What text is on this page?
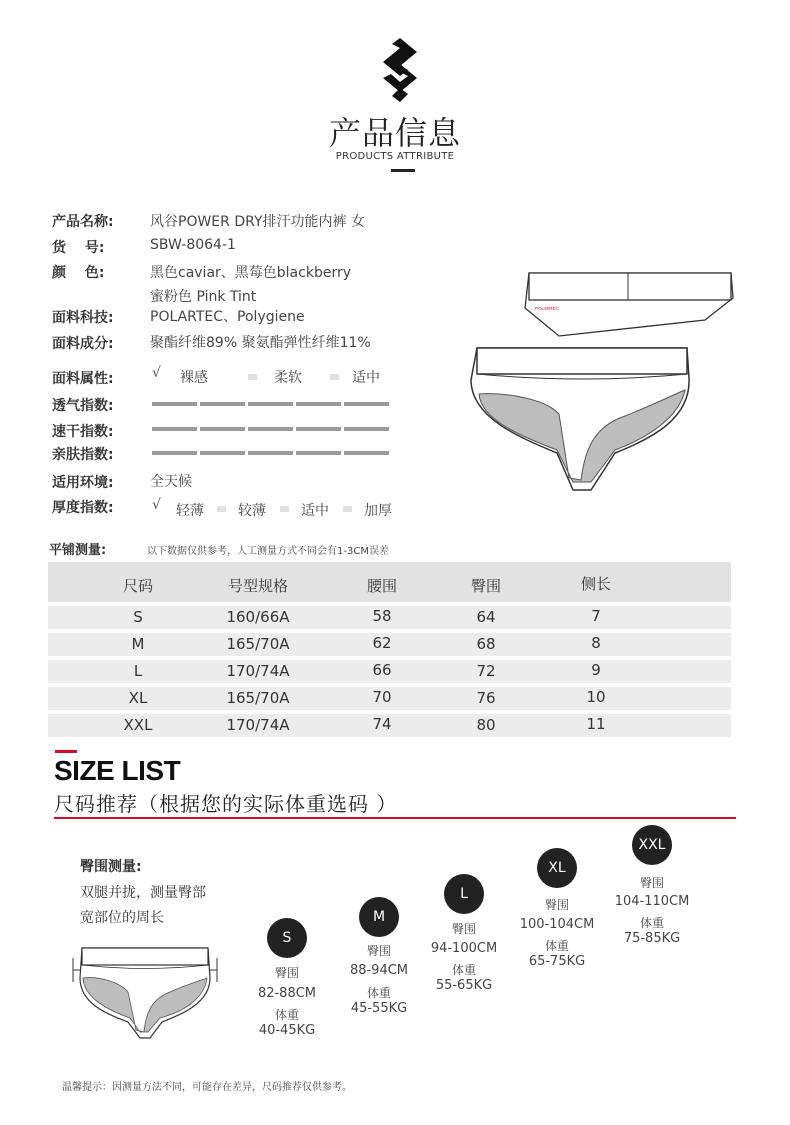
产品信息
PRODUCTS ATTRIBUTE
产品名称:	风谷POWER DRY排汗功能内裤 女
货　 号:	SBW-8064-1
颜　 色:	黑色caviar、黑莓色blackberry
蜜粉色 Pink Tint
面料科技:	POLARTEC、Polygiene
面料成分:	聚酯纤维89% 聚氨酯弹性纤维11%
面料属性:	√ 裸感	柔软	适中
透气指数:
速干指数:
亲肤指数:
适用环境:	全天候
厚度指数:	√ 轻薄 较薄	适中	加厚
POLARTEC
平铺测量:	以下数据仅供参考，人工测量方式不同会有1-3CM误差
尺码	号型规格	腰围	臀围	侧长
S	160/66A	58	64	7
M	165/70A	62	68	8
L	170/74A	66	72	9
XL	165/70A	70	76	10
XXL	170/74A	74	80	11
SIZE LIST
尺码推荐（根据您的实际体重选码 ）
臀围测量:
双腿并拢，测量臀部
宽部位的周长
S
臀围
82-88CM
体重
40-45KG
M
臀围
88-94CM
体重
45-55KG
L
臀围
94-100CM
体重
55-65KG
XL
臀围
100-104CM
体重
65-75KG
XXL
臀围
104-110CM
体重
75-85KG
温馨提示：因测量方法不同，可能存在差异，尺码推荐仅供参考。
